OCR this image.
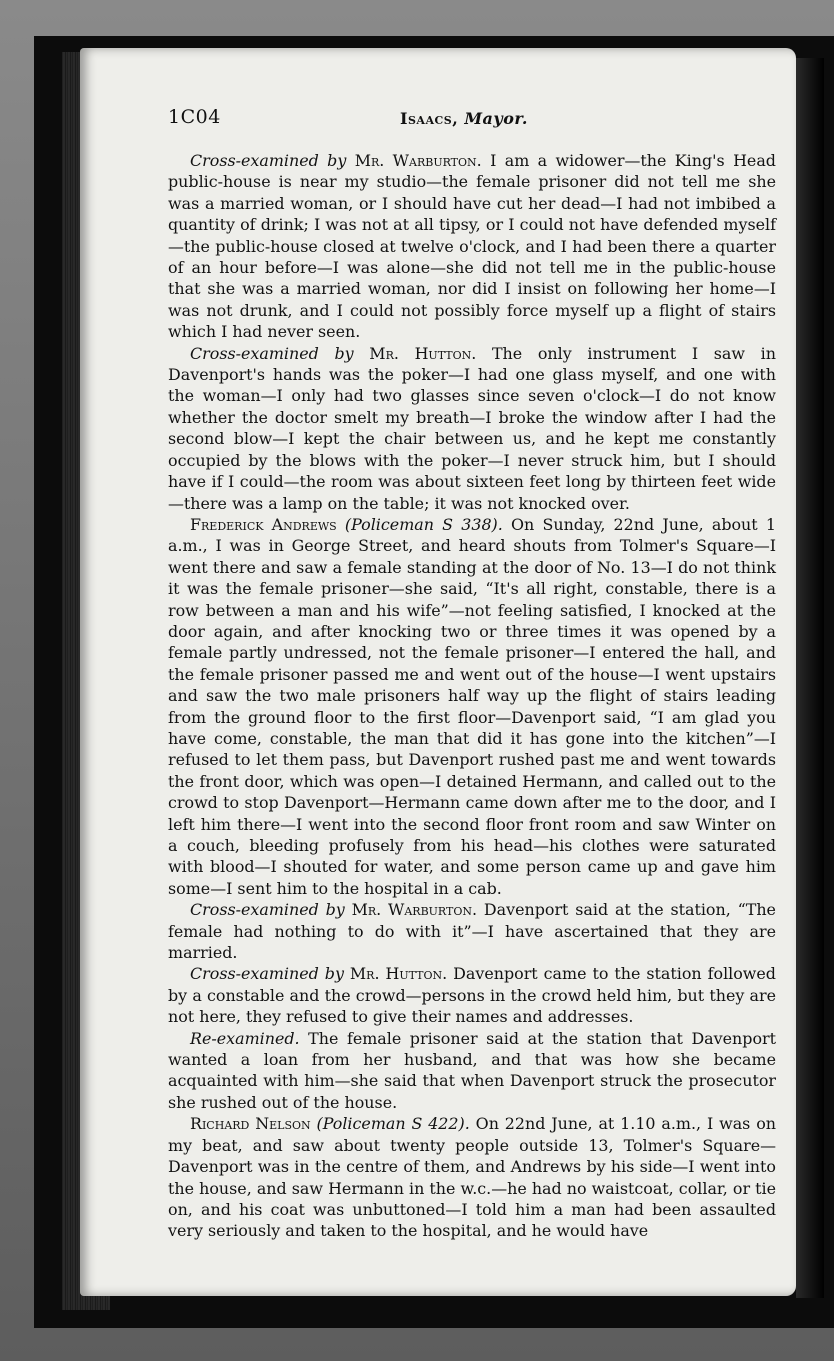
1C04	Isaacs, Mayor.

Cross-examined by Mr. Warburton. I am a widower—the King's Head public-house is near my studio—the female prisoner did not tell me she was a married woman, or I should have cut her dead—I had not imbibed a quantity of drink; I was not at all tipsy, or I could not have defended myself—the public-house closed at twelve o'clock, and I had been there a quarter of an hour before—I was alone—she did not tell me in the public-house that she was a married woman, nor did I insist on following her home—I was not drunk, and I could not possibly force myself up a flight of stairs which I had never seen.

Cross-examined by Mr. Hutton. The only instrument I saw in Davenport's hands was the poker—I had one glass myself, and one with the woman—I only had two glasses since seven o'clock—I do not know whether the doctor smelt my breath—I broke the window after I had the second blow—I kept the chair between us, and he kept me constantly occupied by the blows with the poker—I never struck him, but I should have if I could—the room was about sixteen feet long by thirteen feet wide—there was a lamp on the table; it was not knocked over.

Frederick Andrews (Policeman S 338). On Sunday, 22nd June, about 1 a.m., I was in George Street, and heard shouts from Tolmer's Square—I went there and saw a female standing at the door of No. 13—I do not think it was the female prisoner—she said, “It's all right, constable, there is a row between a man and his wife”—not feeling satisfied, I knocked at the door again, and after knocking two or three times it was opened by a female partly undressed, not the female prisoner—I entered the hall, and the female prisoner passed me and went out of the house—I went upstairs and saw the two male prisoners half way up the flight of stairs leading from the ground floor to the first floor—Davenport said, “I am glad you have come, constable, the man that did it has gone into the kitchen”—I refused to let them pass, but Davenport rushed past me and went towards the front door, which was open—I detained Hermann, and called out to the crowd to stop Davenport—Hermann came down after me to the door, and I left him there—I went into the second floor front room and saw Winter on a couch, bleeding profusely from his head—his clothes were saturated with blood—I shouted for water, and some person came up and gave him some—I sent him to the hospital in a cab.

Cross-examined by Mr. Warburton. Davenport said at the station, “The female had nothing to do with it”—I have ascertained that they are married.

Cross-examined by Mr. Hutton. Davenport came to the station followed by a constable and the crowd—persons in the crowd held him, but they are not here, they refused to give their names and addresses.

Re-examined. The female prisoner said at the station that Davenport wanted a loan from her husband, and that was how she became acquainted with him—she said that when Davenport struck the prosecutor she rushed out of the house.

Richard Nelson (Policeman S 422). On 22nd June, at 1.10 a.m., I was on my beat, and saw about twenty people outside 13, Tolmer's Square—Davenport was in the centre of them, and Andrews by his side—I went into the house, and saw Hermann in the w.c.—he had no waistcoat, collar, or tie on, and his coat was unbuttoned—I told him a man had been assaulted very seriously and taken to the hospital, and he would have
